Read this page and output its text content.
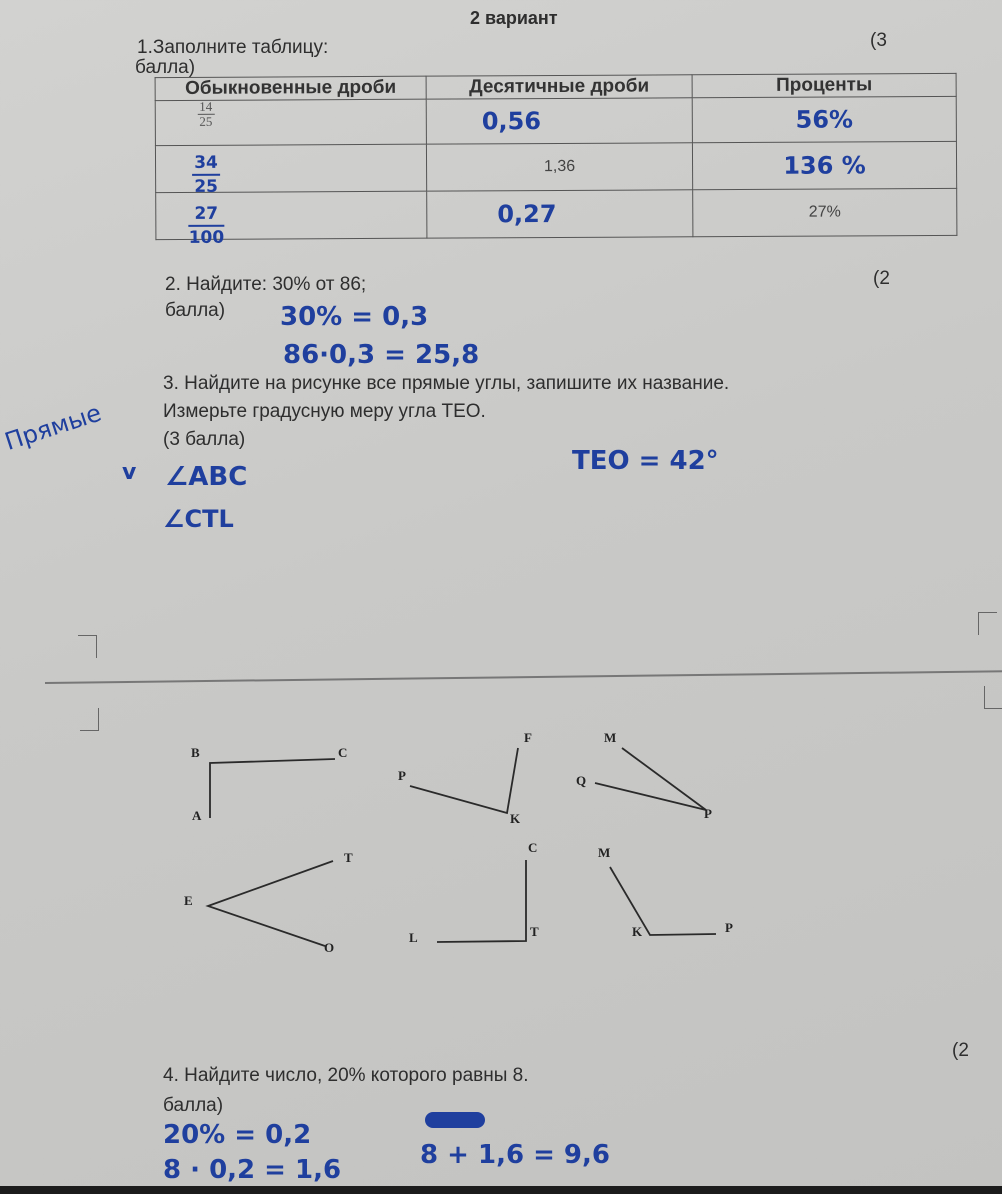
2 вариант
1.Заполните таблицу:	(3
балла)
Обыкновенные дроби	Десятичные дроби	Проценты

$\frac{14}{25}$	0,56	56%

$\frac{34}{25}$	1,36	136 %

$\frac{27}{100}$	0,27	27%
2. Найдите: 30% от 86;	(2
балла) 30% = 0,3
86·0,3 = 25,8
3. Найдите на рисунке все прямые углы, запишите их название.
Измерьте градусную меру угла TEO.
(3 балла)
Прямые
v ∠ABC
∠CTL
TEO = 42°
B	C
A
P
K
F	M
Q
P
T
E
O
L	T
C	M
K	P
4. Найдите число, 20% которого равны 8.
(2
балла)
20% = 0,2
8 · 0,2 = 1,6	8 + 1,6 = 9,6
